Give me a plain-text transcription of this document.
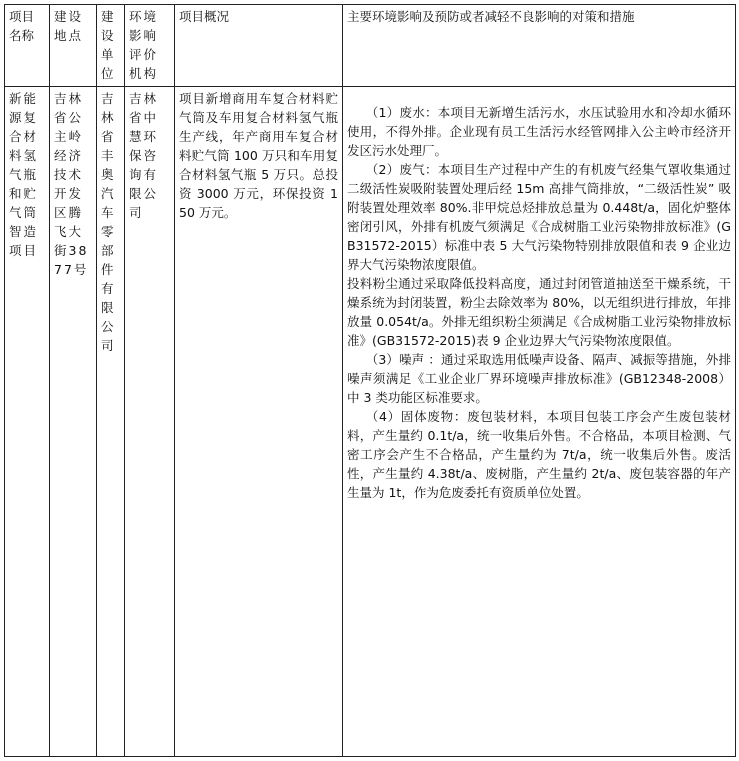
项目名称	建设地点	建设单位	环境影响评价机构	项目概况	主要环境影响及预防或者减轻不良影响的对策和措施
新能源复合材料氢气瓶和贮气筒智造项目	吉林省公主岭经济技术开发区腾飞大街3877号	吉林省丰奥汽车零部件有限公司	吉林省中慧环保咨询有限公司	项目新增商用车复合材料贮气筒及车用复合材料氢气瓶生产线，年产商用车复合材料贮气筒 100 万只和车用复合材料氢气瓶 5 万只。总投资 3000 万元，环保投资 150 万元。	（1）废水：本项目无新增生活污水，水压试验用水和冷却水循环使用，不得外排。企业现有员工生活污水经管网排入公主岭市经济开发区污水处理厂。

（2）废气：本项目生产过程中产生的有机废气经集气罩收集通过二级活性炭吸附装置处理后经 15m 高排气筒排放，“二级活性炭” 吸附装置处理效率 80%.非甲烷总烃排放总量为 0.448t/a，固化炉整体密闭引风，外排有机废气须满足《合成树脂工业污染物排放标准》(GB31572-2015）标准中表 5 大气污染物特别排放限值和表 9 企业边界大气污染物浓度限值。

投料粉尘通过采取降低投料高度，通过封闭管道抽送至干燥系统，干燥系统为封闭装置，粉尘去除效率为 80%，以无组织进行排放，年排放量 0.054t/a。外排无组织粉尘须满足《合成树脂工业污染物排放标准》(GB31572-2015)表 9 企业边界大气污染物浓度限值。

（3）噪声 ：通过采取选用低噪声设备、隔声、减振等措施，外排噪声须满足《工业企业厂界环境噪声排放标准》(GB12348-2008）中 3 类功能区标准要求。

（4）固体废物：废包装材料，本项目包装工序会产生废包装材料，产生量约 0.1t/a，统一收集后外售。不合格品，本项目检测、气密工序会产生不合格品，产生量约为 7t/a，统一收集后外售。废活性，产生量约 4.38t/a、废树脂，产生量约 2t/a、废包装容器的年产生量为 1t，作为危废委托有资质单位处置。
